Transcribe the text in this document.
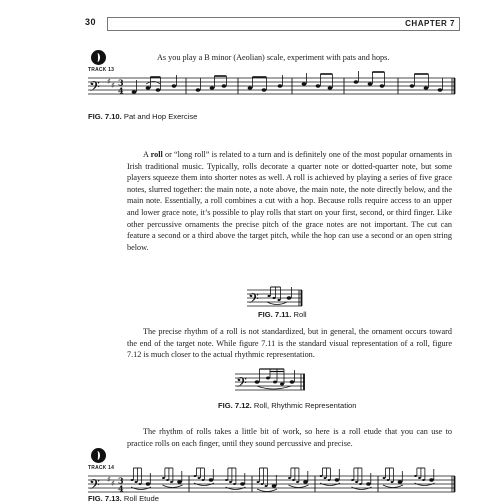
30	CHAPTER 7
TRACK 13

As you play a B minor (Aeolian) scale, experiment with pats and hops.

𝄢 ♯ ♯ 3
4
FIG. 7.10. Pat and Hop Exercise

A roll or “long roll” is related to a turn and is definitely one of the most popular ornaments in Irish traditional music. Typically, rolls decorate a quarter note or dotted-quarter note, but some players squeeze them into shorter notes as well. A roll is achieved by playing a series of five grace notes, slurred together: the main note, a note above, the main note, the note directly below, and the main note. Essentially, a roll combines a cut with a hop. Because rolls require access to an upper and lower grace note, it’s possible to play rolls that start on your first, second, or third finger. Like other percussive ornaments the precise pitch of the grace notes are not important. The cut can feature a second or a third above the target pitch, while the hop can use a second or an open string below.

𝄢
FIG. 7.11. Roll

The precise rhythm of a roll is not standardized, but in general, the ornament occurs toward the end of the target note. While figure 7.11 is the standard visual representation of a roll, figure 7.12 is much closer to the actual rhythmic representation.

𝄢
FIG. 7.12. Roll, Rhythmic Representation

The rhythm of rolls takes a little bit of work, so here is a roll etude that you can use to practice rolls on each finger, until they sound percussive and precise.

TRACK 14
𝄢 ♯ ♯ 3
4
FIG. 7.13. Roll Etude
